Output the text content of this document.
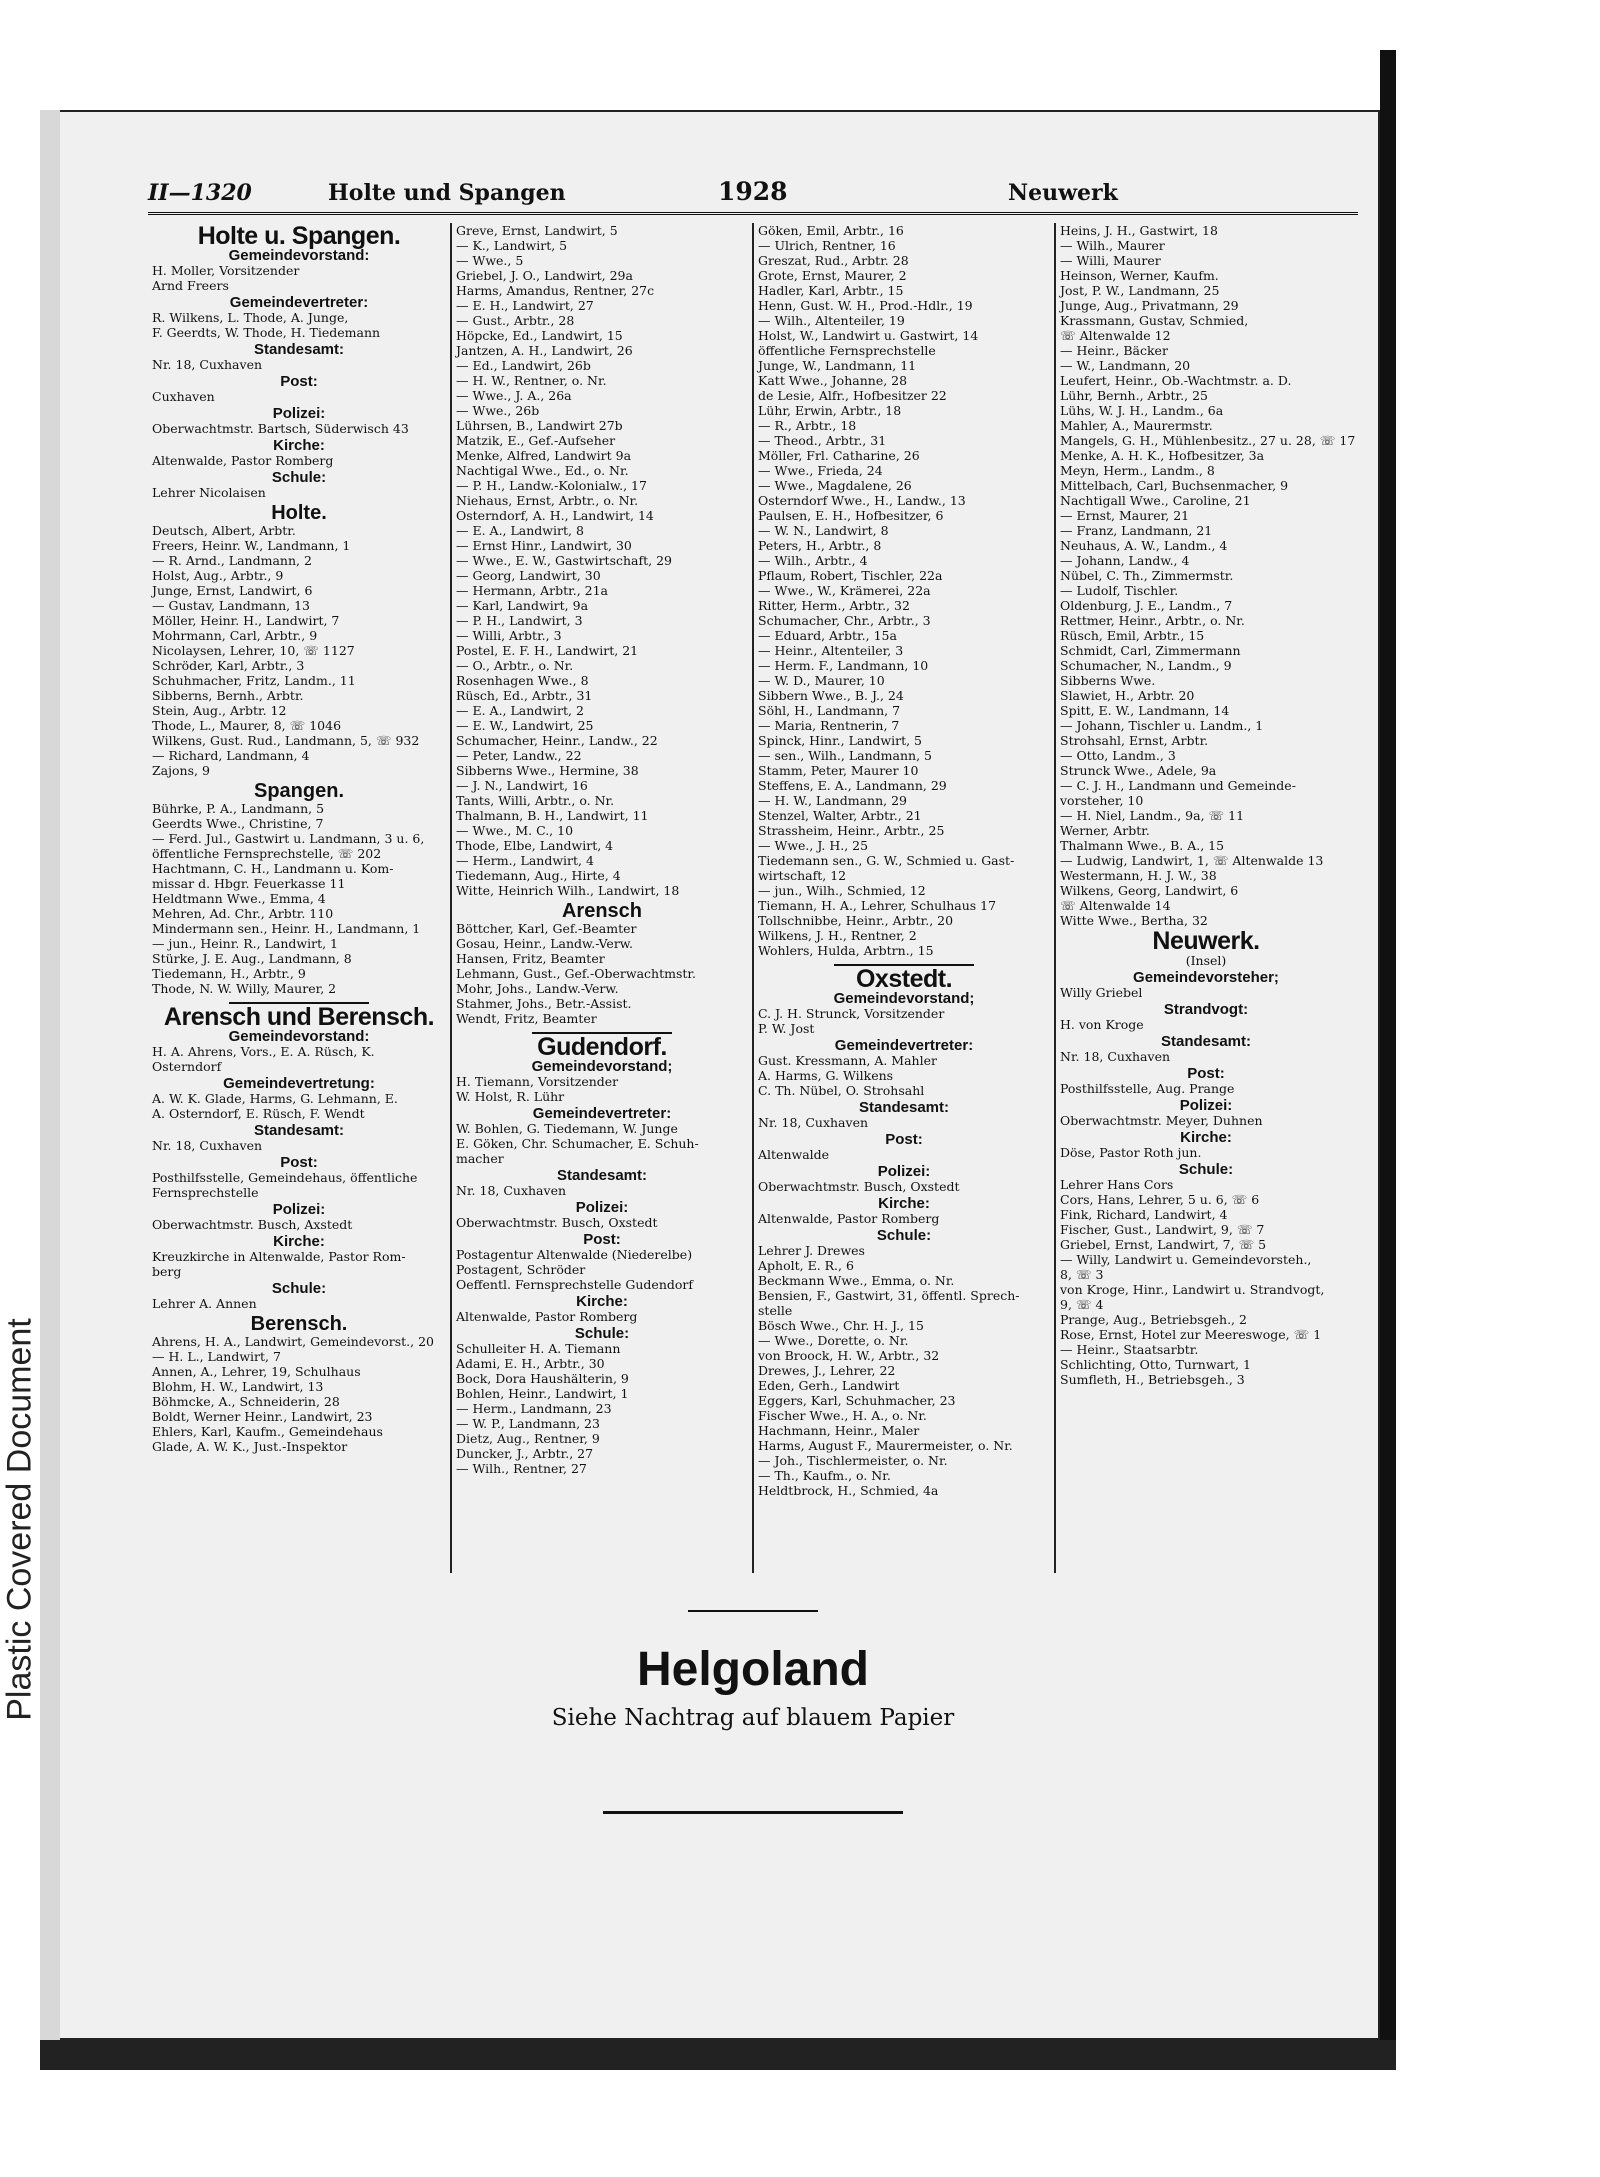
Plastic Covered Document
II—1320	Holte und Spangen	1928	Neuwerk
Holte u. Spangen.
Gemeindevorstand:
H. Moller, Vorsitzender
Arnd Freers
Gemeindevertreter:
R. Wilkens, L. Thode, A. Junge,
F. Geerdts, W. Thode, H. Tiedemann
Standesamt:
Nr. 18, Cuxhaven
Post:
Cuxhaven
Polizei:
Oberwachtmstr. Bartsch, Süderwisch 43
Kirche:
Altenwalde, Pastor Romberg
Schule:
Lehrer Nicolaisen
Holte.
Deutsch, Albert, Arbtr.
Freers, Heinr. W., Landmann, 1
— R. Arnd., Landmann, 2
Holst, Aug., Arbtr., 9
Junge, Ernst, Landwirt, 6
— Gustav, Landmann, 13
Möller, Heinr. H., Landwirt, 7
Mohrmann, Carl, Arbtr., 9
Nicolaysen, Lehrer, 10, ☏ 1127
Schröder, Karl, Arbtr., 3
Schuhmacher, Fritz, Landm., 11
Sibberns, Bernh., Arbtr.
Stein, Aug., Arbtr. 12
Thode, L., Maurer, 8, ☏ 1046
Wilkens, Gust. Rud., Landmann, 5, ☏ 932
— Richard, Landmann, 4
Zajons, 9
Spangen.
Bührke, P. A., Landmann, 5
Geerdts Wwe., Christine, 7
— Ferd. Jul., Gastwirt u. Landmann, 3 u. 6,
öffentliche Fernsprechstelle, ☏ 202
Hachtmann, C. H., Landmann u. Kom-
missar d. Hbgr. Feuerkasse 11
Heldtmann Wwe., Emma, 4
Mehren, Ad. Chr., Arbtr. 110
Mindermann sen., Heinr. H., Landmann, 1
— jun., Heinr. R., Landwirt, 1
Stürke, J. E. Aug., Landmann, 8
Tiedemann, H., Arbtr., 9
Thode, N. W. Willy, Maurer, 2
Arensch und Berensch.
Gemeindevorstand:
H. A. Ahrens, Vors., E. A. Rüsch, K.
Osterndorf
Gemeindevertretung:
A. W. K. Glade, Harms, G. Lehmann, E.
A. Osterndorf, E. Rüsch, F. Wendt
Standesamt:
Nr. 18, Cuxhaven
Post:
Posthilfsstelle, Gemeindehaus, öffentliche
Fernsprechstelle
Polizei:
Oberwachtmstr. Busch, Axstedt
Kirche:
Kreuzkirche in Altenwalde, Pastor Rom-
berg
Schule:
Lehrer A. Annen
Berensch.
Ahrens, H. A., Landwirt, Gemeindevorst., 20
— H. L., Landwirt, 7
Annen, A., Lehrer, 19, Schulhaus
Blohm, H. W., Landwirt, 13
Böhmcke, A., Schneiderin, 28
Boldt, Werner Heinr., Landwirt, 23
Ehlers, Karl, Kaufm., Gemeindehaus
Glade, A. W. K., Just.-Inspektor
Greve, Ernst, Landwirt, 5
— K., Landwirt, 5
— Wwe., 5
Griebel, J. O., Landwirt, 29a
Harms, Amandus, Rentner, 27c
— E. H., Landwirt, 27
— Gust., Arbtr., 28
Höpcke, Ed., Landwirt, 15
Jantzen, A. H., Landwirt, 26
— Ed., Landwirt, 26b
— H. W., Rentner, o. Nr.
— Wwe., J. A., 26a
— Wwe., 26b
Lührsen, B., Landwirt 27b
Matzik, E., Gef.-Aufseher
Menke, Alfred, Landwirt 9a
Nachtigal Wwe., Ed., o. Nr.
— P. H., Landw.-Kolonialw., 17
Niehaus, Ernst, Arbtr., o. Nr.
Osterndorf, A. H., Landwirt, 14
— E. A., Landwirt, 8
— Ernst Hinr., Landwirt, 30
— Wwe., E. W., Gastwirtschaft, 29
— Georg, Landwirt, 30
— Hermann, Arbtr., 21a
— Karl, Landwirt, 9a
— P. H., Landwirt, 3
— Willi, Arbtr., 3
Postel, E. F. H., Landwirt, 21
— O., Arbtr., o. Nr.
Rosenhagen Wwe., 8
Rüsch, Ed., Arbtr., 31
— E. A., Landwirt, 2
— E. W., Landwirt, 25
Schumacher, Heinr., Landw., 22
— Peter, Landw., 22
Sibberns Wwe., Hermine, 38
— J. N., Landwirt, 16
Tants, Willi, Arbtr., o. Nr.
Thalmann, B. H., Landwirt, 11
— Wwe., M. C., 10
Thode, Elbe, Landwirt, 4
— Herm., Landwirt, 4
Tiedemann, Aug., Hirte, 4
Witte, Heinrich Wilh., Landwirt, 18
Arensch
Böttcher, Karl, Gef.-Beamter
Gosau, Heinr., Landw.-Verw.
Hansen, Fritz, Beamter
Lehmann, Gust., Gef.-Oberwachtmstr.
Mohr, Johs., Landw.-Verw.
Stahmer, Johs., Betr.-Assist.
Wendt, Fritz, Beamter
Gudendorf.
Gemeindevorstand;
H. Tiemann, Vorsitzender
W. Holst, R. Lühr
Gemeindevertreter:
W. Bohlen, G. Tiedemann, W. Junge
E. Göken, Chr. Schumacher, E. Schuh-
macher
Standesamt:
Nr. 18, Cuxhaven
Polizei:
Oberwachtmstr. Busch, Oxstedt
Post:
Postagentur Altenwalde (Niederelbe)
Postagent, Schröder
Oeffentl. Fernsprechstelle Gudendorf
Kirche:
Altenwalde, Pastor Romberg
Schule:
Schulleiter H. A. Tiemann
Adami, E. H., Arbtr., 30
Bock, Dora Haushälterin, 9
Bohlen, Heinr., Landwirt, 1
— Herm., Landmann, 23
— W. P., Landmann, 23
Dietz, Aug., Rentner, 9
Duncker, J., Arbtr., 27
— Wilh., Rentner, 27
Göken, Emil, Arbtr., 16
— Ulrich, Rentner, 16
Greszat, Rud., Arbtr. 28
Grote, Ernst, Maurer, 2
Hadler, Karl, Arbtr., 15
Henn, Gust. W. H., Prod.-Hdlr., 19
— Wilh., Altenteiler, 19
Holst, W., Landwirt u. Gastwirt, 14
öffentliche Fernsprechstelle
Junge, W., Landmann, 11
Katt Wwe., Johanne, 28
de Lesie, Alfr., Hofbesitzer 22
Lühr, Erwin, Arbtr., 18
— R., Arbtr., 18
— Theod., Arbtr., 31
Möller, Frl. Catharine, 26
— Wwe., Frieda, 24
— Wwe., Magdalene, 26
Osterndorf Wwe., H., Landw., 13
Paulsen, E. H., Hofbesitzer, 6
— W. N., Landwirt, 8
Peters, H., Arbtr., 8
— Wilh., Arbtr., 4
Pflaum, Robert, Tischler, 22a
— Wwe., W., Krämerei, 22a
Ritter, Herm., Arbtr., 32
Schumacher, Chr., Arbtr., 3
— Eduard, Arbtr., 15a
— Heinr., Altenteiler, 3
— Herm. F., Landmann, 10
— W. D., Maurer, 10
Sibbern Wwe., B. J., 24
Söhl, H., Landmann, 7
— Maria, Rentnerin, 7
Spinck, Hinr., Landwirt, 5
— sen., Wilh., Landmann, 5
Stamm, Peter, Maurer 10
Steffens, E. A., Landmann, 29
— H. W., Landmann, 29
Stenzel, Walter, Arbtr., 21
Strassheim, Heinr., Arbtr., 25
— Wwe., J. H., 25
Tiedemann sen., G. W., Schmied u. Gast-
wirtschaft, 12
— jun., Wilh., Schmied, 12
Tiemann, H. A., Lehrer, Schulhaus 17
Tollschnibbe, Heinr., Arbtr., 20
Wilkens, J. H., Rentner, 2
Wohlers, Hulda, Arbtrn., 15
Oxstedt.
Gemeindevorstand;
C. J. H. Strunck, Vorsitzender
P. W. Jost
Gemeindevertreter:
Gust. Kressmann, A. Mahler
A. Harms, G. Wilkens
C. Th. Nübel, O. Strohsahl
Standesamt:
Nr. 18, Cuxhaven
Post:
Altenwalde
Polizei:
Oberwachtmstr. Busch, Oxstedt
Kirche:
Altenwalde, Pastor Romberg
Schule:
Lehrer J. Drewes
Apholt, E. R., 6
Beckmann Wwe., Emma, o. Nr.
Bensien, F., Gastwirt, 31, öffentl. Sprech-
stelle
Bösch Wwe., Chr. H. J., 15
— Wwe., Dorette, o. Nr.
von Broock, H. W., Arbtr., 32
Drewes, J., Lehrer, 22
Eden, Gerh., Landwirt
Eggers, Karl, Schuhmacher, 23
Fischer Wwe., H. A., o. Nr.
Hachmann, Heinr., Maler
Harms, August F., Maurermeister, o. Nr.
— Joh., Tischlermeister, o. Nr.
— Th., Kaufm., o. Nr.
Heldtbrock, H., Schmied, 4a
Heins, J. H., Gastwirt, 18
— Wilh., Maurer
— Willi, Maurer
Heinson, Werner, Kaufm.
Jost, P. W., Landmann, 25
Junge, Aug., Privatmann, 29
Krassmann, Gustav, Schmied,
☏ Altenwalde 12
— Heinr., Bäcker
— W., Landmann, 20
Leufert, Heinr., Ob.-Wachtmstr. a. D.
Lühr, Bernh., Arbtr., 25
Lühs, W. J. H., Landm., 6a
Mahler, A., Maurermstr.
Mangels, G. H., Mühlenbesitz., 27 u. 28, ☏ 17
Menke, A. H. K., Hofbesitzer, 3a
Meyn, Herm., Landm., 8
Mittelbach, Carl, Buchsenmacher, 9
Nachtigall Wwe., Caroline, 21
— Ernst, Maurer, 21
— Franz, Landmann, 21
Neuhaus, A. W., Landm., 4
— Johann, Landw., 4
Nübel, C. Th., Zimmermstr.
— Ludolf, Tischler.
Oldenburg, J. E., Landm., 7
Rettmer, Heinr., Arbtr., o. Nr.
Rüsch, Emil, Arbtr., 15
Schmidt, Carl, Zimmermann
Schumacher, N., Landm., 9
Sibberns Wwe.
Slawiet, H., Arbtr. 20
Spitt, E. W., Landmann, 14
— Johann, Tischler u. Landm., 1
Strohsahl, Ernst, Arbtr.
— Otto, Landm., 3
Strunck Wwe., Adele, 9a
— C. J. H., Landmann und Gemeinde-
vorsteher, 10
— H. Niel, Landm., 9a, ☏ 11
Werner, Arbtr.
Thalmann Wwe., B. A., 15
— Ludwig, Landwirt, 1, ☏ Altenwalde 13
Westermann, H. J. W., 38
Wilkens, Georg, Landwirt, 6
☏ Altenwalde 14
Witte Wwe., Bertha, 32
Neuwerk.
(Insel)
Gemeindevorsteher;
Willy Griebel
Strandvogt:
H. von Kroge
Standesamt:
Nr. 18, Cuxhaven
Post:
Posthilfsstelle, Aug. Prange
Polizei:
Oberwachtmstr. Meyer, Duhnen
Kirche:
Döse, Pastor Roth jun.
Schule:
Lehrer Hans Cors
Cors, Hans, Lehrer, 5 u. 6, ☏ 6
Fink, Richard, Landwirt, 4
Fischer, Gust., Landwirt, 9, ☏ 7
Griebel, Ernst, Landwirt, 7, ☏ 5
— Willy, Landwirt u. Gemeindevorsteh.,
8, ☏ 3
von Kroge, Hinr., Landwirt u. Strandvogt,
9, ☏ 4
Prange, Aug., Betriebsgeh., 2
Rose, Ernst, Hotel zur Meereswoge, ☏ 1
— Heinr., Staatsarbtr.
Schlichting, Otto, Turnwart, 1
Sumfleth, H., Betriebsgeh., 3
Helgoland

Siehe Nachtrag auf blauem Papier
